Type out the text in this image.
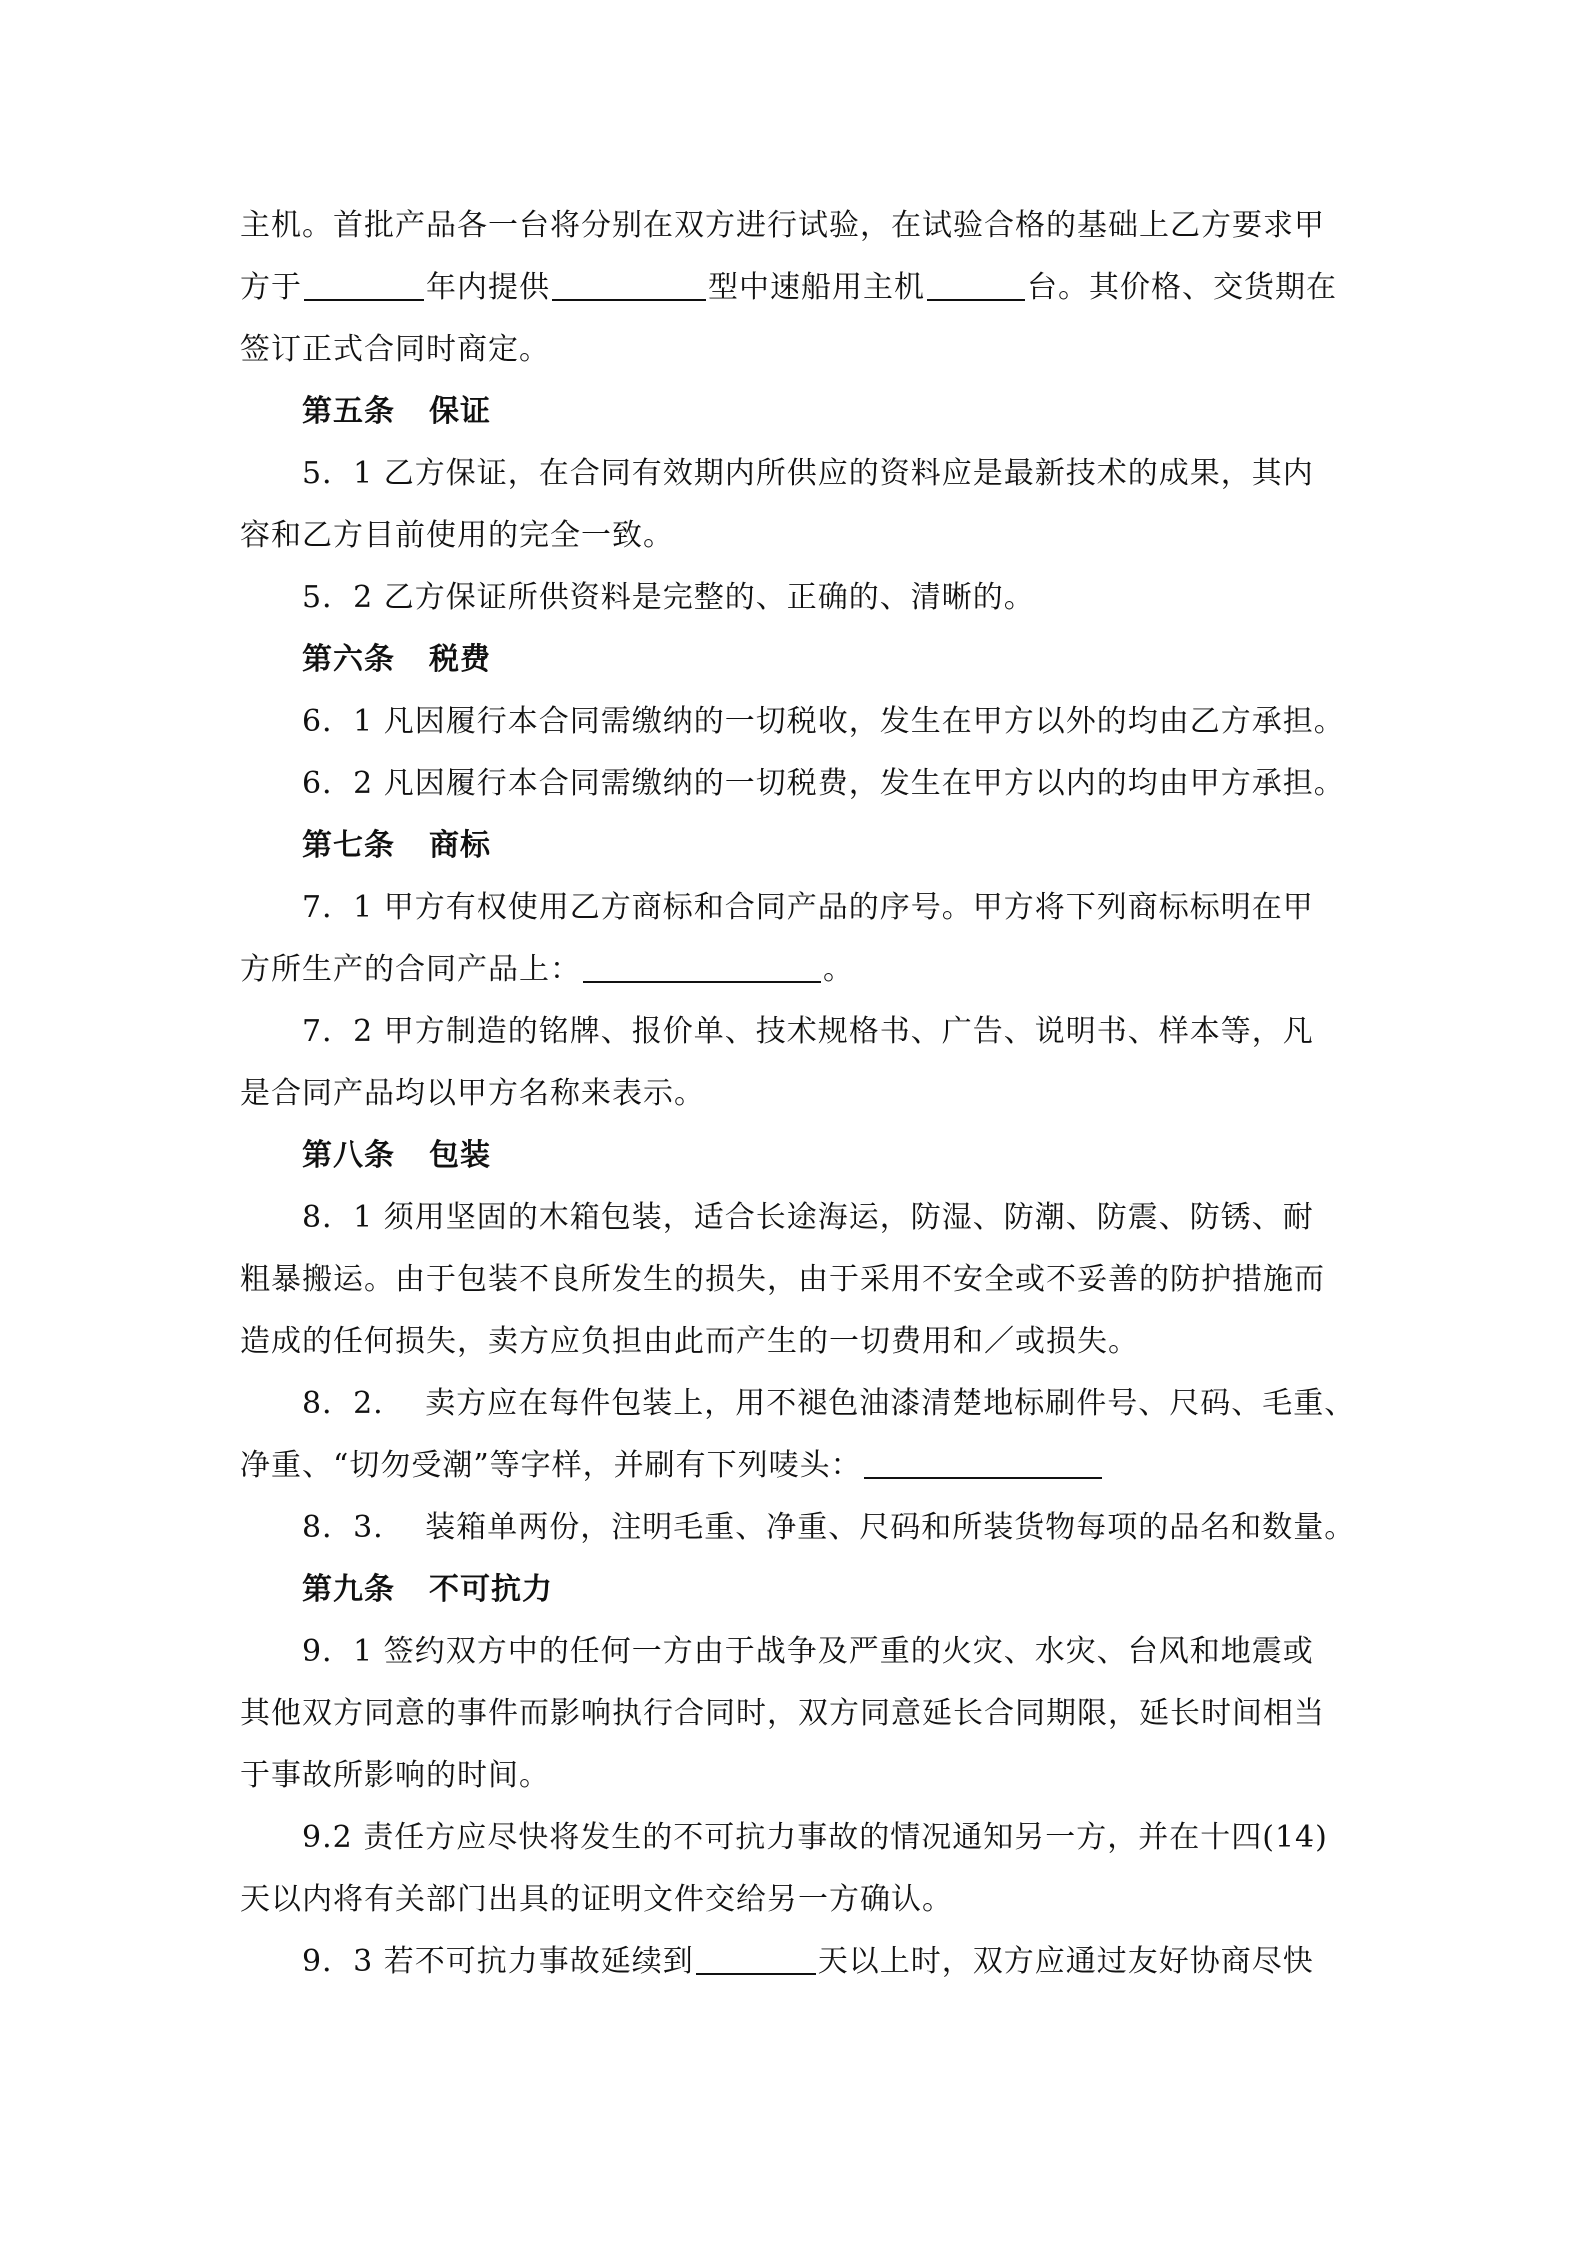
主机。首批产品各一台将分别在双方进行试验，在试验合格的基础上乙方要求甲
方于	年内提供	型中速船用主机	台。其价格、交货期在
签订正式合同时商定。
第五条 保证
5．1 乙方保证，在合同有效期内所供应的资料应是最新技术的成果，其内
容和乙方目前使用的完全一致。
5．2 乙方保证所供资料是完整的、正确的、清晰的。
第六条 税费
6．1 凡因履行本合同需缴纳的一切税收，发生在甲方以外的均由乙方承担。
6．2 凡因履行本合同需缴纳的一切税费，发生在甲方以内的均由甲方承担。
第七条 商标
7．1 甲方有权使用乙方商标和合同产品的序号。甲方将下列商标标明在甲
方所生产的合同产品上：	。
7．2 甲方制造的铭牌、报价单、技术规格书、广告、说明书、样本等，凡
是合同产品均以甲方名称来表示。
第八条 包装
8．1 须用坚固的木箱包装，适合长途海运，防湿、防潮、防震、防锈、耐
粗暴搬运。由于包装不良所发生的损失，由于采用不安全或不妥善的防护措施而
造成的任何损失，卖方应负担由此而产生的一切费用和／或损失。
8．2.　 卖方应在每件包装上，用不褪色油漆清楚地标刷件号、尺码、毛重、
净重、“切勿受潮”等字样，并刷有下列唛头：
8．3.　 装箱单两份，注明毛重、净重、尺码和所装货物每项的品名和数量。
第九条 不可抗力
9．1 签约双方中的任何一方由于战争及严重的火灾、水灾、台风和地震或
其他双方同意的事件而影响执行合同时，双方同意延长合同期限，延长时间相当
于事故所影响的时间。
9.2 责任方应尽快将发生的不可抗力事故的情况通知另一方，并在十四(14)
天以内将有关部门出具的证明文件交给另一方确认。
9．3 若不可抗力事故延续到	天以上时，双方应通过友好协商尽快
